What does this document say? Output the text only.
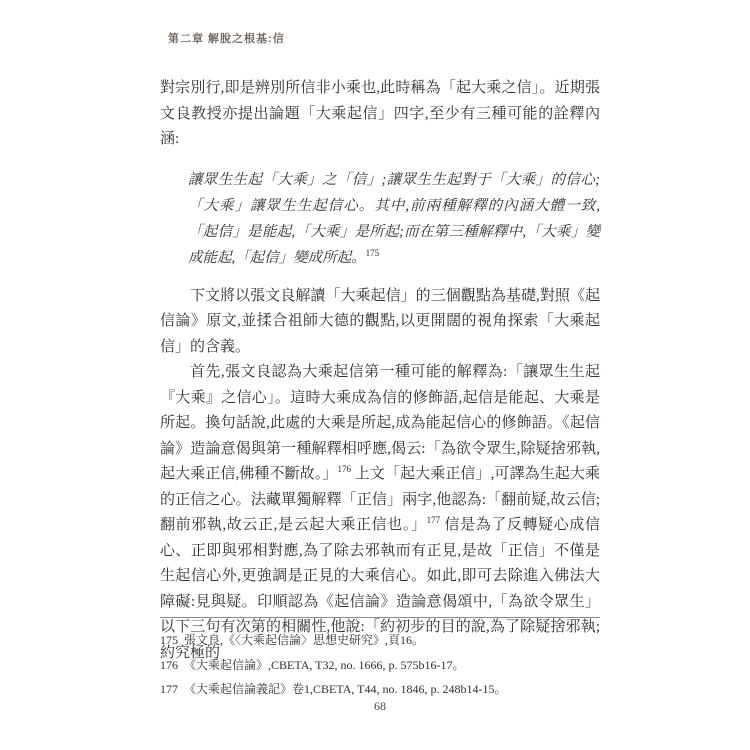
第二章 解脫之根基:信

對宗別行,即是辨別所信非小乘也,此時稱為「起大乘之信」。近期張文良教授亦提出論題「大乘起信」四字,至少有三種可能的詮釋內涵:

讓眾生生起「大乘」之「信」;讓眾生生起對于「大乘」的信心;「大乘」讓眾生生起信心。其中,前兩種解釋的內涵大體一致,「起信」是能起,「大乘」是所起;而在第三種解釋中,「大乘」變成能起,「起信」變成所起。$^{175}$

下文將以張文良解讀「大乘起信」的三個觀點為基礎,對照《起信論》原文,並揉合祖師大德的觀點,以更開闊的視角探索「大乘起信」的含義。

首先,張文良認為大乘起信第一種可能的解釋為:「讓眾生生起『大乘』之信心」。這時大乘成為信的修飾語,起信是能起、大乘是所起。換句話說,此處的大乘是所起,成為能起信心的修飾語。《起信論》造論意偈與第一種解釋相呼應,偈云:「為欲令眾生,除疑捨邪執,起大乘正信,佛種不斷故。」$^{176}$ 上文「起大乘正信」,可譯為生起大乘的正信之心。法藏單獨解釋「正信」兩字,他認為:「翻前疑,故云信;翻前邪執,故云正,是云起大乘正信也。」$^{177}$ 信是為了反轉疑心成信心、正即與邪相對應,為了除去邪執而有正見,是故「正信」不僅是生起信心外,更強調是正見的大乘信心。如此,即可去除進入佛法大障礙:見與疑。印順認為《起信論》造論意偈頌中,「為欲令眾生」以下三句有次第的相關性,他說:「約初步的目的說,為了除疑捨邪執;約究極的

175 張文良,《〈大乘起信論〉思想史研究》,頁16。
176 《大乘起信論》,CBETA, T32, no. 1666, p. 575b16-17。
177 《大乘起信論義記》卷1,CBETA, T44, no. 1846, p. 248b14-15。
68
